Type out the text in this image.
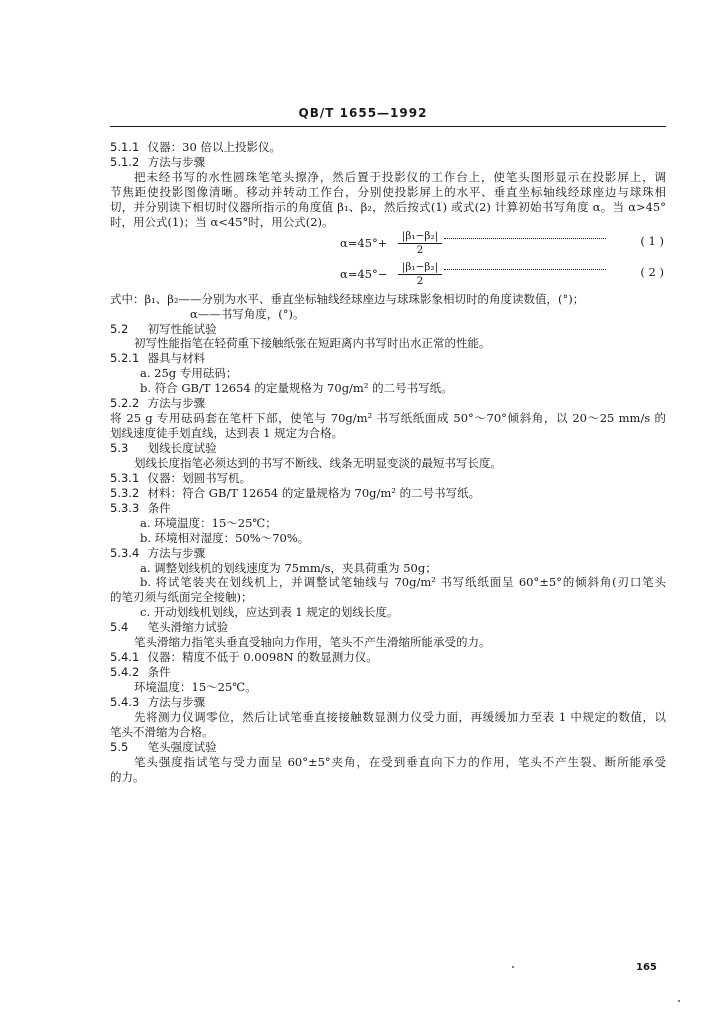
QB/T 1655—1992
5.1.1 仪器：30 倍以上投影仪。
5.1.2 方法与步骤
把未经书写的水性圆珠笔笔头擦净，然后置于投影仪的工作台上，使笔头图形显示在投影屏上，调
节焦距使投影图像清晰。移动并转动工作台，分别使投影屏上的水平、垂直坐标轴线经球座边与球珠相
切，并分别读下相切时仪器所指示的角度值 β₁、β₂，然后按式(1) 或式(2) 计算初始书写角度 α。当 α>45°
时，用公式(1)；当 α<45°时，用公式(2)。
$\alpha=45^\circ+ \frac{\text{|β₁−β₂|}}{2}$	( 1 )
$\alpha=45^\circ- \frac{\text{|β₁−β₂|}}{2}$	( 2 )
式中：β₁、β₂——分别为水平、垂直坐标轴线经球座边与球珠影象相切时的角度读数值，(°)；
α——书写角度，(°)。
5.2 初写性能试验
初写性能指笔在轻荷重下接触纸张在短距离内书写时出水正常的性能。
5.2.1 器具与材料
a. 25g 专用砝码；
b. 符合 GB/T 12654 的定量规格为 70g/m² 的二号书写纸。
5.2.2 方法与步骤
将 25 g 专用砝码套在笔杆下部，使笔与 70g/m² 书写纸纸面成 50°～70°倾斜角，以 20～25 mm/s 的
划线速度徒手划直线，达到表 1 规定为合格。
5.3 划线长度试验
划线长度指笔必须达到的书写不断线、线条无明显变淡的最短书写长度。
5.3.1 仪器：划圆书写机。
5.3.2 材料：符合 GB/T 12654 的定量规格为 70g/m² 的二号书写纸。
5.3.3 条件
a. 环境温度：15～25℃；
b. 环境相对湿度：50%～70%。
5.3.4 方法与步骤
a. 调整划线机的划线速度为 75mm/s，夹具荷重为 50g；
b. 将试笔装夹在划线机上，并调整试笔轴线与 70g/m² 书写纸纸面呈 60°±5°的倾斜角(刃口笔头
的笔刃须与纸面完全接触)；
c. 开动划线机划线，应达到表 1 规定的划线长度。
5.4 笔头滑缩力试验
笔头滑缩力指笔头垂直受轴向力作用，笔头不产生滑缩所能承受的力。
5.4.1 仪器：精度不低于 0.0098N 的数显测力仪。
5.4.2 条件
环境温度：15～25℃。
5.4.3 方法与步骤
先将测力仪调零位，然后让试笔垂直接接触数显测力仪受力面，再缓缓加力至表 1 中规定的数值，以
笔头不滑缩为合格。
5.5 笔头强度试验
笔头强度指试笔与受力面呈 60°±5°夹角，在受到垂直向下力的作用，笔头不产生裂、断所能承受
的力。
165
